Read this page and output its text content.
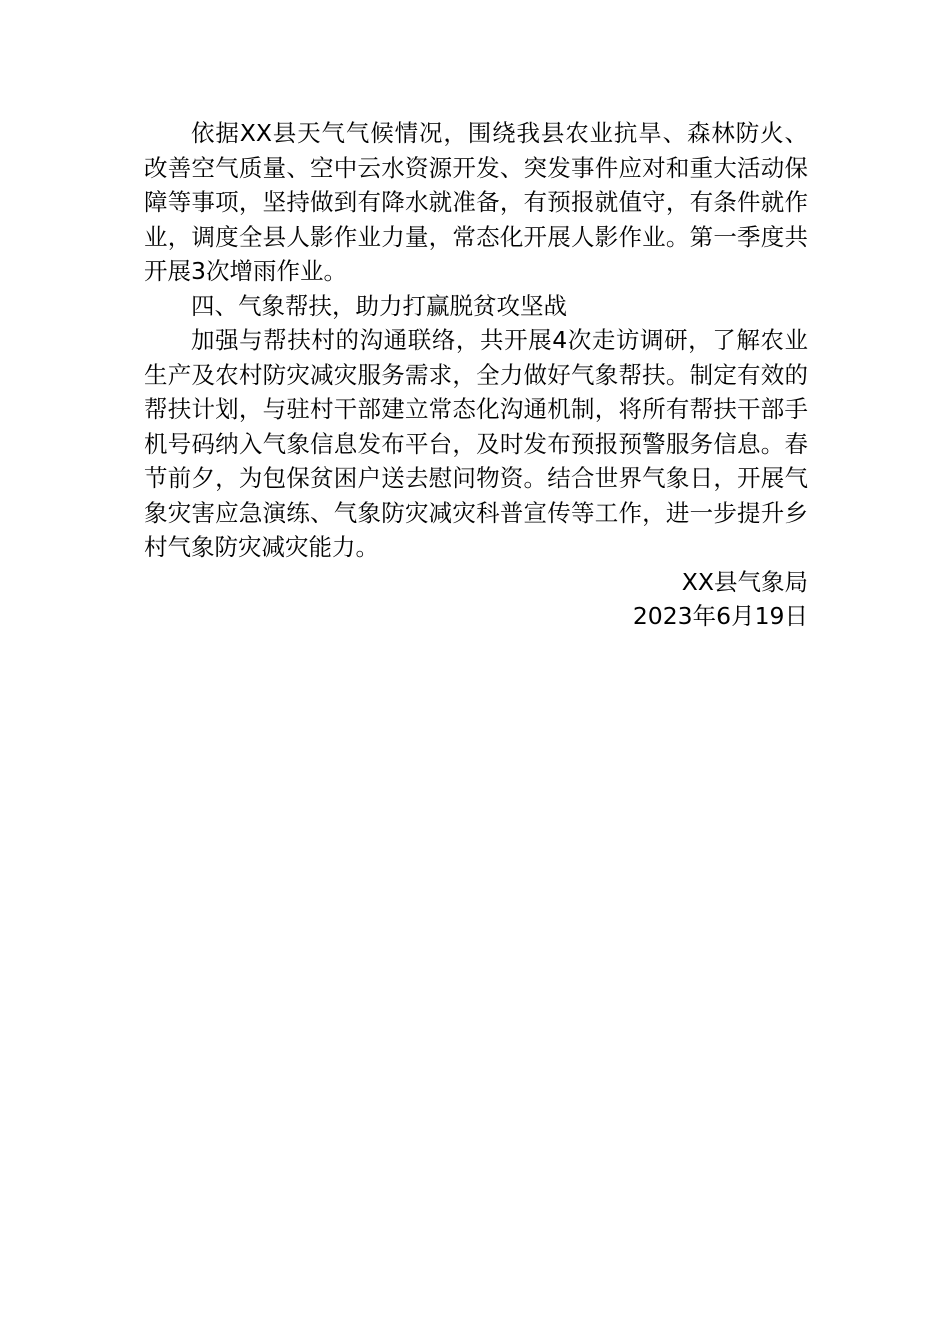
依据XX县天气气候情况，围绕我县农业抗旱、森林防火、改善空气质量、空中云水资源开发、突发事件应对和重大活动保障等事项，坚持做到有降水就准备，有预报就值守，有条件就作业，调度全县人影作业力量，常态化开展人影作业。第一季度共开展3次增雨作业。

四、气象帮扶，助力打赢脱贫攻坚战

加强与帮扶村的沟通联络，共开展4次走访调研，了解农业生产及农村防灾减灾服务需求，全力做好气象帮扶。制定有效的帮扶计划，与驻村干部建立常态化沟通机制，将所有帮扶干部手机号码纳入气象信息发布平台，及时发布预报预警服务信息。春节前夕，为包保贫困户送去慰问物资。结合世界气象日，开展气象灾害应急演练、气象防灾减灾科普宣传等工作，进一步提升乡村气象防灾减灾能力。

XX县气象局

2023年6月19日
